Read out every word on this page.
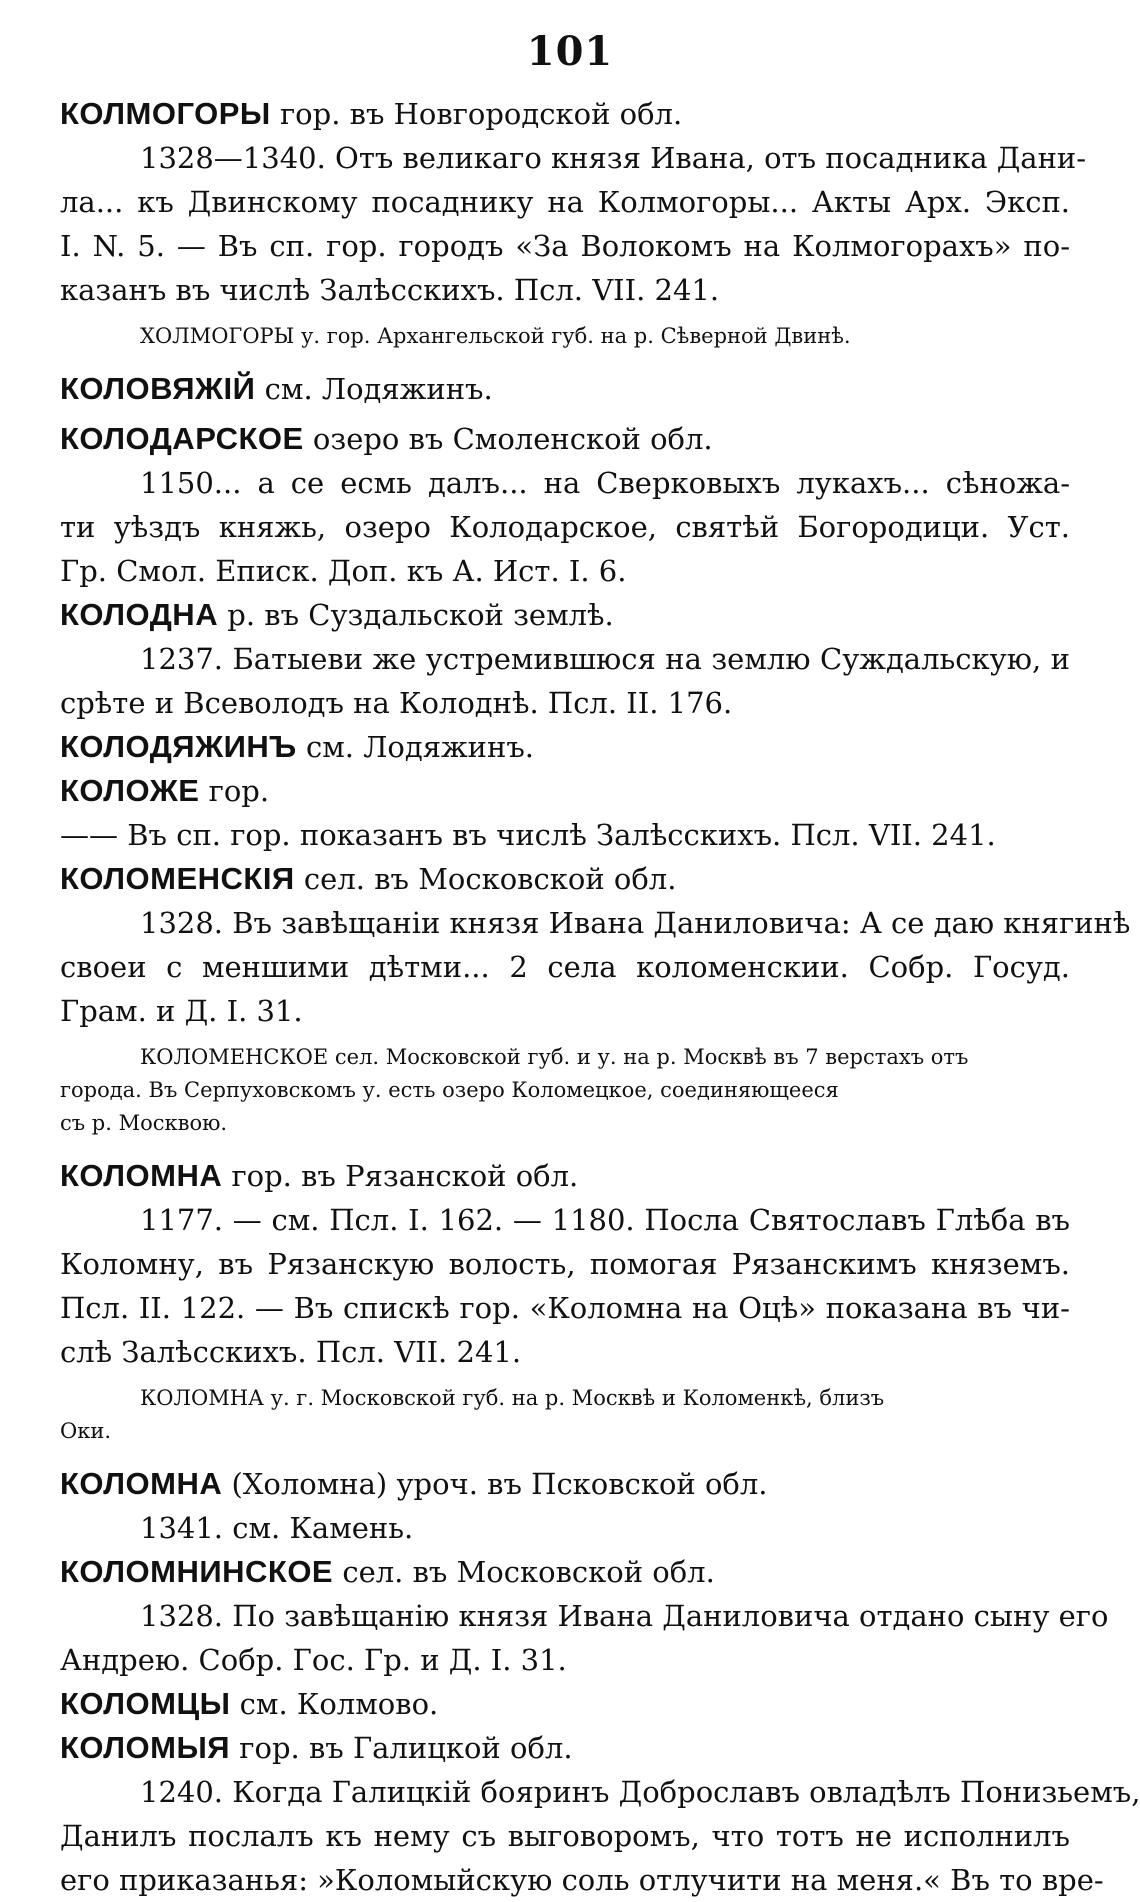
101

КОЛМОГОРЫ гор. въ Новгородской обл.

1328—1340. Отъ великаго князя Ивана, отъ посадника Дани-
ла... къ Двинскому посаднику на Колмогоры... Акты Арх. Эксп.
I. N. 5. — Въ сп. гор. городъ «За Волокомъ на Колмогорахъ» по-
казанъ въ числѣ Залѣсскихъ. Псл. VII. 241.

ХОЛМОГОРЫ у. гор. Архангельской губ. на р. Сѣверной Двинѣ.

КОЛОВЯЖІЙ см. Лодяжинъ.

КОЛОДАРСКОЕ озеро въ Смоленской обл.

1150... а се есмь далъ... на Сверковыхъ лукахъ... сѣножа-
ти уѣздъ княжь, озеро Колодарское, святѣй Богородици. Уст.
Гр. Смол. Еписк. Доп. къ А. Ист. I. 6.

КОЛОДНА р. въ Суздальской землѣ.

1237. Батыеви же устремившюся на землю Суждальскую, и
срѣте и Всеволодъ на Колоднѣ. Псл. II. 176.

КОЛОДЯЖИНЪ см. Лодяжинъ.

КОЛОЖЕ гор.

—— Въ сп. гор. показанъ въ числѣ Залѣсскихъ. Псл. VII. 241.

КОЛОМЕНСКІЯ сел. въ Московской обл.

1328. Въ завѣщаніи князя Ивана Даниловича: А се даю княгинѣ
своеи с меншими дѣтми... 2 села коломенскии. Собр. Госуд.
Грам. и Д. I. 31.

КОЛОМЕНСКОЕ сел. Московской губ. и у. на р. Москвѣ въ 7 верстахъ отъ

города. Въ Серпуховскомъ у. есть озеро Коломецкое, соединяющееся

съ р. Москвою.

КОЛОМНА гор. въ Рязанской обл.

1177. — см. Псл. I. 162. — 1180. Посла Святославъ Глѣба въ
Коломну, въ Рязанскую волость, помогая Рязанскимъ княземъ.
Псл. II. 122. — Въ спискѣ гор. «Коломна на Оцѣ» показана въ чи-
слѣ Залѣсскихъ. Псл. VII. 241.

КОЛОМНА у. г. Московской губ. на р. Москвѣ и Коломенкѣ, близъ

Оки.

КОЛОМНА (Холомна) уроч. въ Псковской обл.

1341. см. Камень.

КОЛОМНИНСКОЕ сел. въ Московской обл.

1328. По завѣщанію князя Ивана Даниловича отдано сыну его
Андрею. Собр. Гос. Гр. и Д. I. 31.

КОЛОМЦЫ см. Колмово.

КОЛОМЫЯ гор. въ Галицкой обл.

1240. Когда Галицкій бояринъ Доброславъ овладѣлъ Понизьемъ,
Данилъ послалъ къ нему съ выговоромъ, что тотъ не исполнилъ
его приказанья: »Коломыйскую соль отлучити на меня.« Въ то вре-
